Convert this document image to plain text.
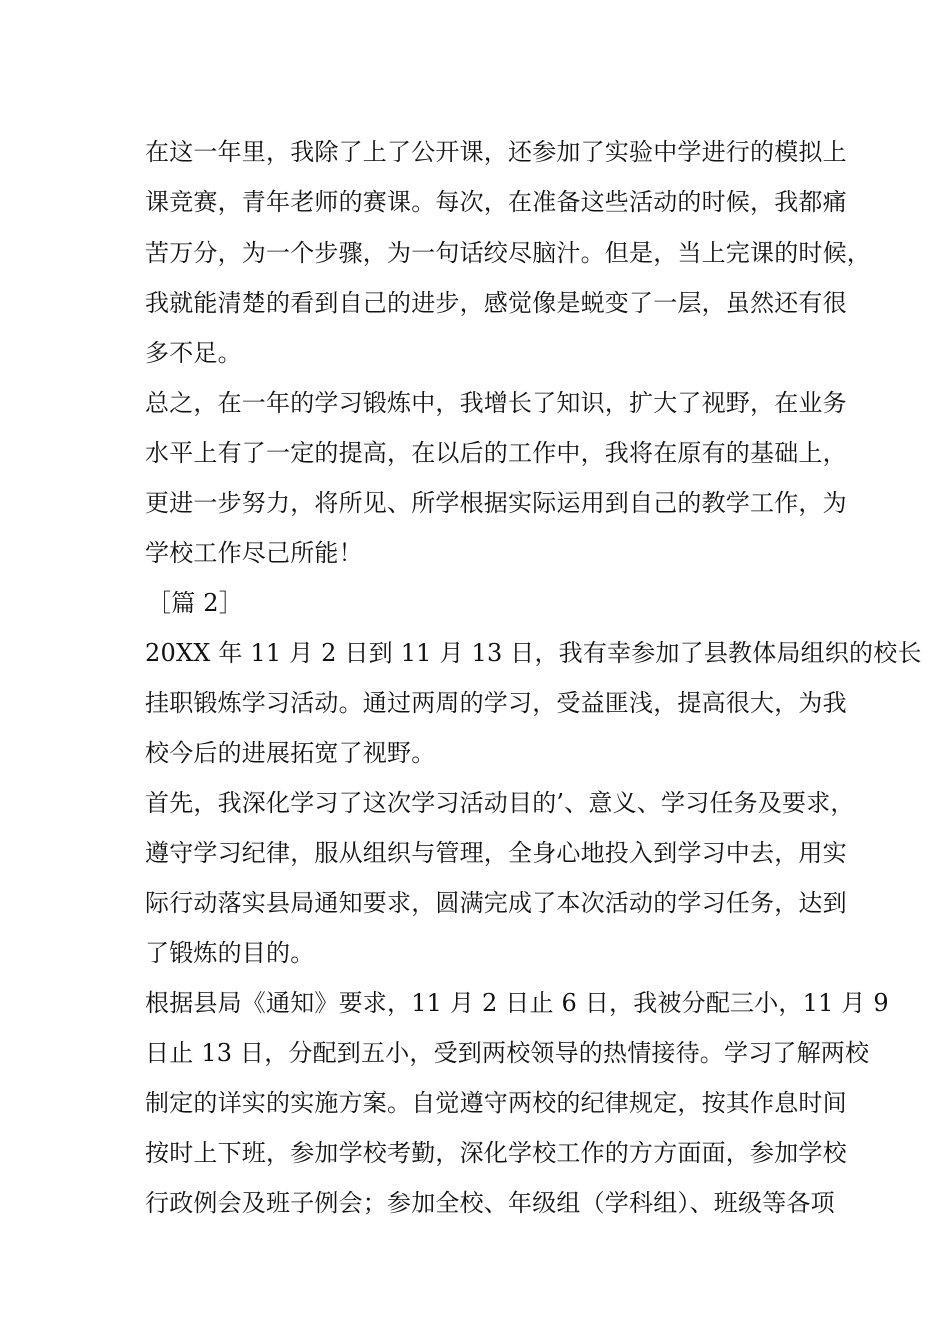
在这一年里，我除了上了公开课，还参加了实验中学进行的模拟上
课竞赛，青年老师的赛课。每次，在准备这些活动的时候，我都痛
苦万分，为一个步骤，为一句话绞尽脑汁。但是，当上完课的时候，
我就能清楚的看到自己的进步，感觉像是蜕变了一层，虽然还有很
多不足。
总之，在一年的学习锻炼中，我增长了知识，扩大了视野，在业务
水平上有了一定的提高，在以后的工作中，我将在原有的基础上，
更进一步努力，将所见、所学根据实际运用到自己的教学工作，为
学校工作尽己所能！
［篇 2］
20XX 年 11 月 2 日到 11 月 13 日，我有幸参加了县教体局组织的校长
挂职锻炼学习活动。通过两周的学习，受益匪浅，提高很大，为我
校今后的进展拓宽了视野。
首先，我深化学习了这次学习活动目的’、意义、学习任务及要求，
遵守学习纪律，服从组织与管理，全身心地投入到学习中去，用实
际行动落实县局通知要求，圆满完成了本次活动的学习任务，达到
了锻炼的目的。
根据县局《通知》要求，11 月 2 日止 6 日，我被分配三小，11 月 9
日止 13 日，分配到五小，受到两校领导的热情接待。学习了解两校
制定的详实的实施方案。自觉遵守两校的纪律规定，按其作息时间
按时上下班，参加学校考勤，深化学校工作的方方面面，参加学校
行政例会及班子例会；参加全校、年级组（学科组）、班级等各项
